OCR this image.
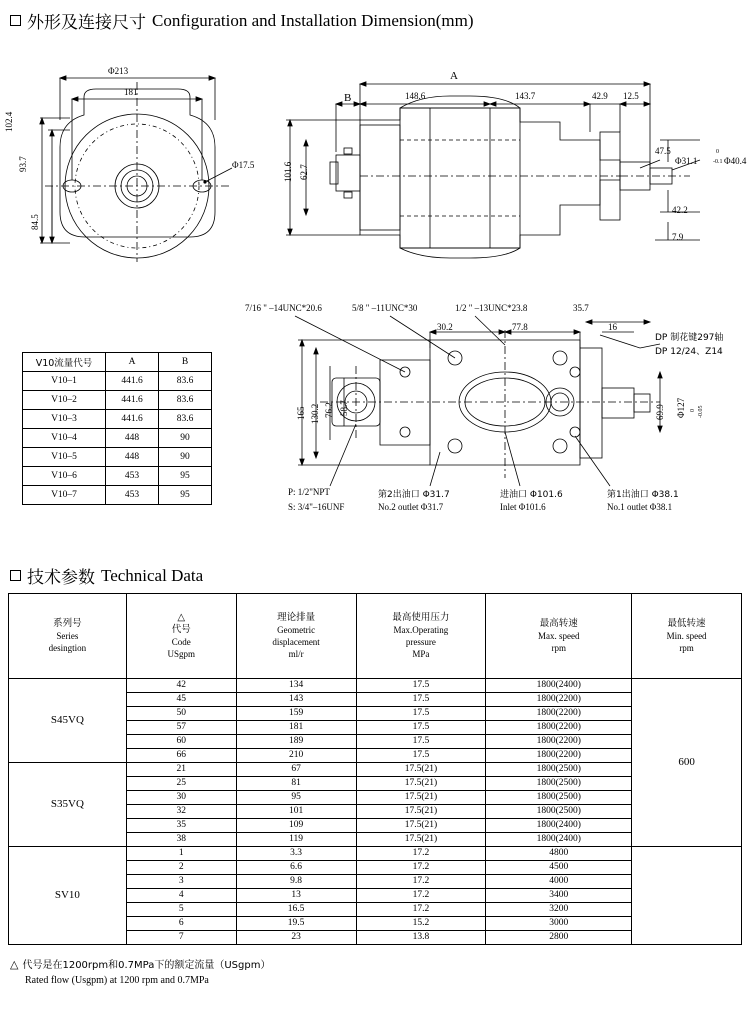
外形及连接尺寸 Configuration and Installation Dimension(mm)
Φ213
181
102.4
93.7
84.5
Φ17.5
A
B	148.6	143.7	42.9 12.5
101.6 62.7
47.5
Φ31.1
0
-0.1 Φ40.4
42.2
7.9
7/16 " –14UNC*20.6	5/8 " –11UNC*30	1/2 " –13UNC*23.8	35.7
16
DP 制花键297轴
DP 12/24、Z14
30.2	77.8
165 130.2 76.2 58.7	69.9 Φ127 0 -0.05
P: 1/2"NPT
S: 3/4"–16UNF
第2出油口 Φ31.7
No.2 outlet Φ31.7
进油口 Φ101.6
Inlet Φ101.6
第1出油口 Φ38.1
No.1 outlet Φ38.1
V10流量代号	A	B
V10–1	441.6	83.6
V10–2	441.6	83.6
V10–3	441.6	83.6
V10–4	448	90
V10–5	448	90
V10–6	453	95
V10–7	453	95
技术参数 Technical Data
系列号
Series
desingtion

△
代号
Code
USgpm

理论排量
Geometric
displacement
ml/r

最高使用压力
Max.Operating
pressure
MPa

最高转速
Max. speed
rpm

最低转速
Min. speed
rpm

S45VQ	42	134	17.5	1800(2400)	600
	45	143	17.5	1800(2200)	
	50	159	17.5	1800(2200)	
	57	181	17.5	1800(2200)	
	60	189	17.5	1800(2200)	
	66	210	17.5	1800(2200)	
S35VQ	21	67	17.5(21)	1800(2500)	
	25	81	17.5(21)	1800(2500)	
	30	95	17.5(21)	1800(2500)	
	32	101	17.5(21)	1800(2500)	
	35	109	17.5(21)	1800(2400)	
	38	119	17.5(21)	1800(2400)	
SV10	1	3.3	17.2	4800	
	2	6.6	17.2	4500	
	3	9.8	17.2	4000	
	4	13	17.2	3400	
	5	16.5	17.2	3200	
	6	19.5	15.2	3000	
	7	23	13.8	2800	
△ 代号是在1200rpm和0.7MPa下的额定流量（USgpm）
Rated flow (Usgpm) at 1200 rpm and 0.7MPa
